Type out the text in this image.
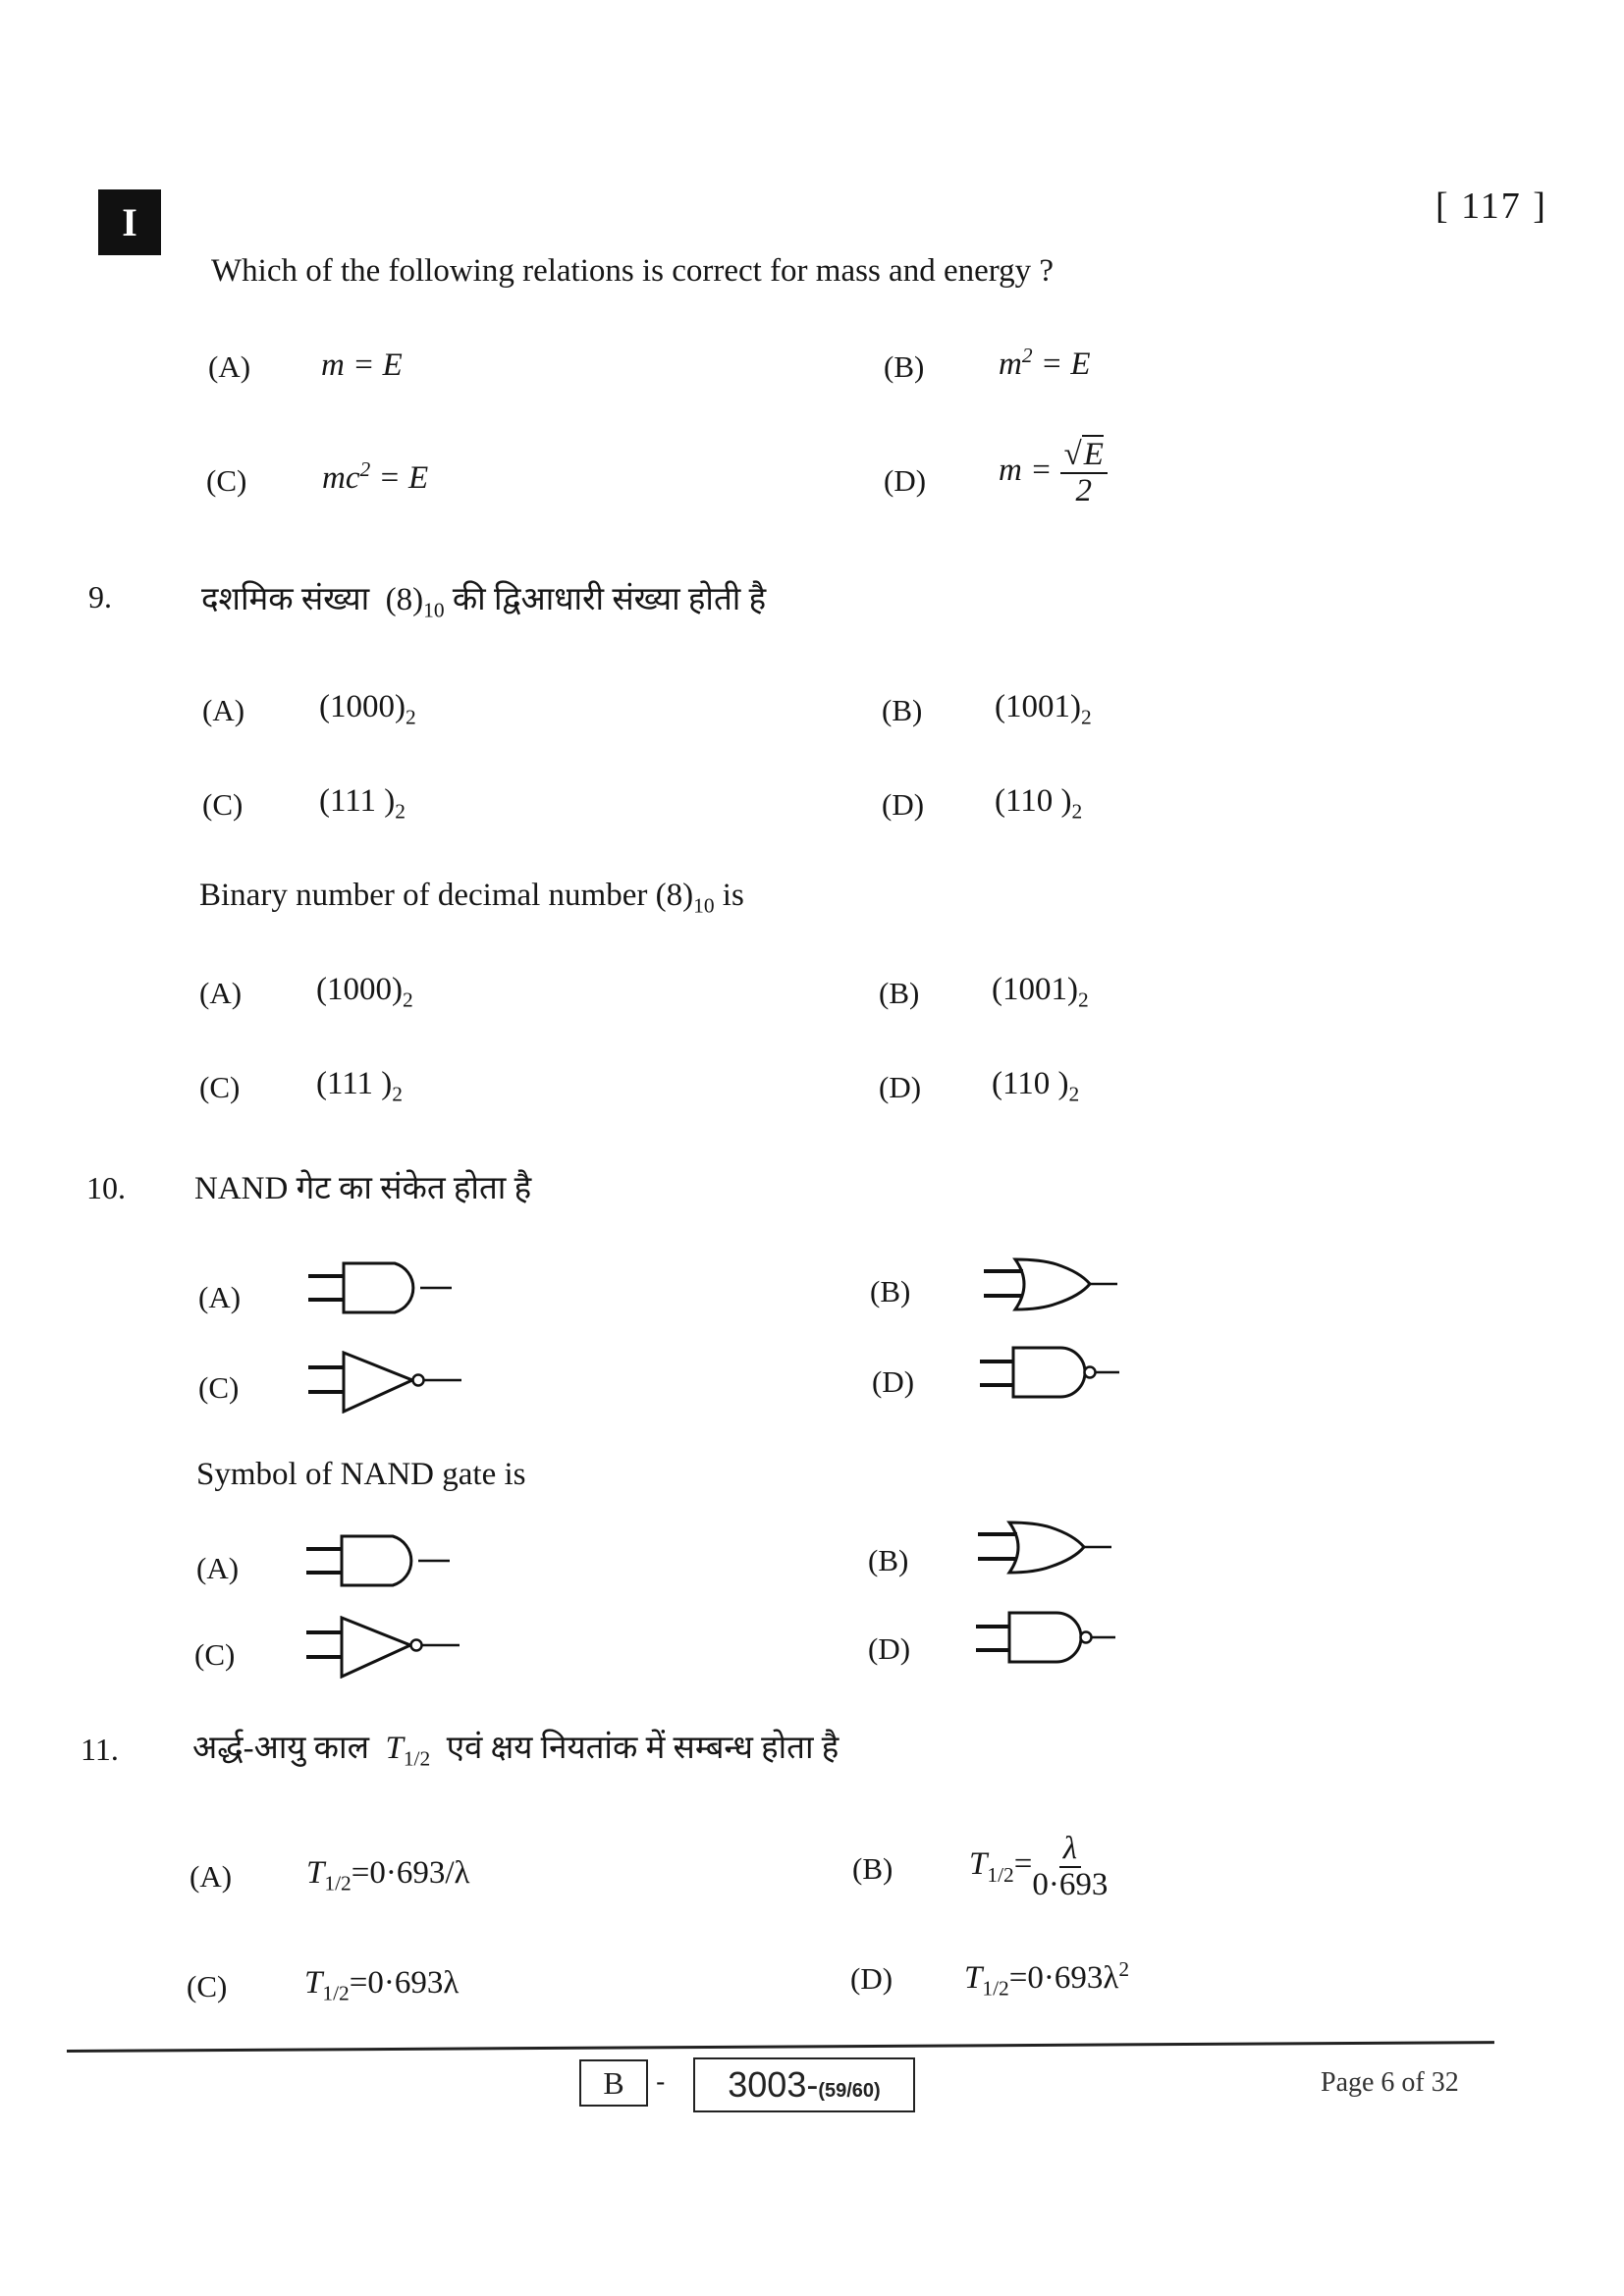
I	[ 117 ]
Which of the following relations is correct for mass and energy ?
(A) m = E	(B) $m^2 = E$
(C) $mc^2 = E$	(D) $m = \frac{√E}{2}$
9.	दशमिक संख्या $(8)_{10}$ की द्विआधारी संख्या होती है
(A) $(1000)_2$	(B) $(1001)_2$
(C) (111 )$_2$	(D) (110 )$_2$
Binary number of decimal number $(8)_{10}$ is
(A) $(1000)_2$	(B) $(1001)_2$
(C) (111 )$_2$	(D) (110 )$_2$
10. NAND गेट का संकेत होता है
(A)	(B)
(C)	(D)
Symbol of NAND gate is
(A)	(B)
(C)	(D)
11. अर्द्ध-आयु काल $T_{1/2}$ एवं क्षय नियतांक में सम्बन्ध होता है
(A) $T_{1/2}=0\cdot 693/\lambda$	(B) $T_{1/2}= \frac{\lambda}{0\cdot 693}$
(C) $T_{1/2}=0\cdot 693\lambda$	(D) $T_{1/2}=0\cdot 693\lambda^2$
B	-	3003-(59/60)	Page 6 of 32
